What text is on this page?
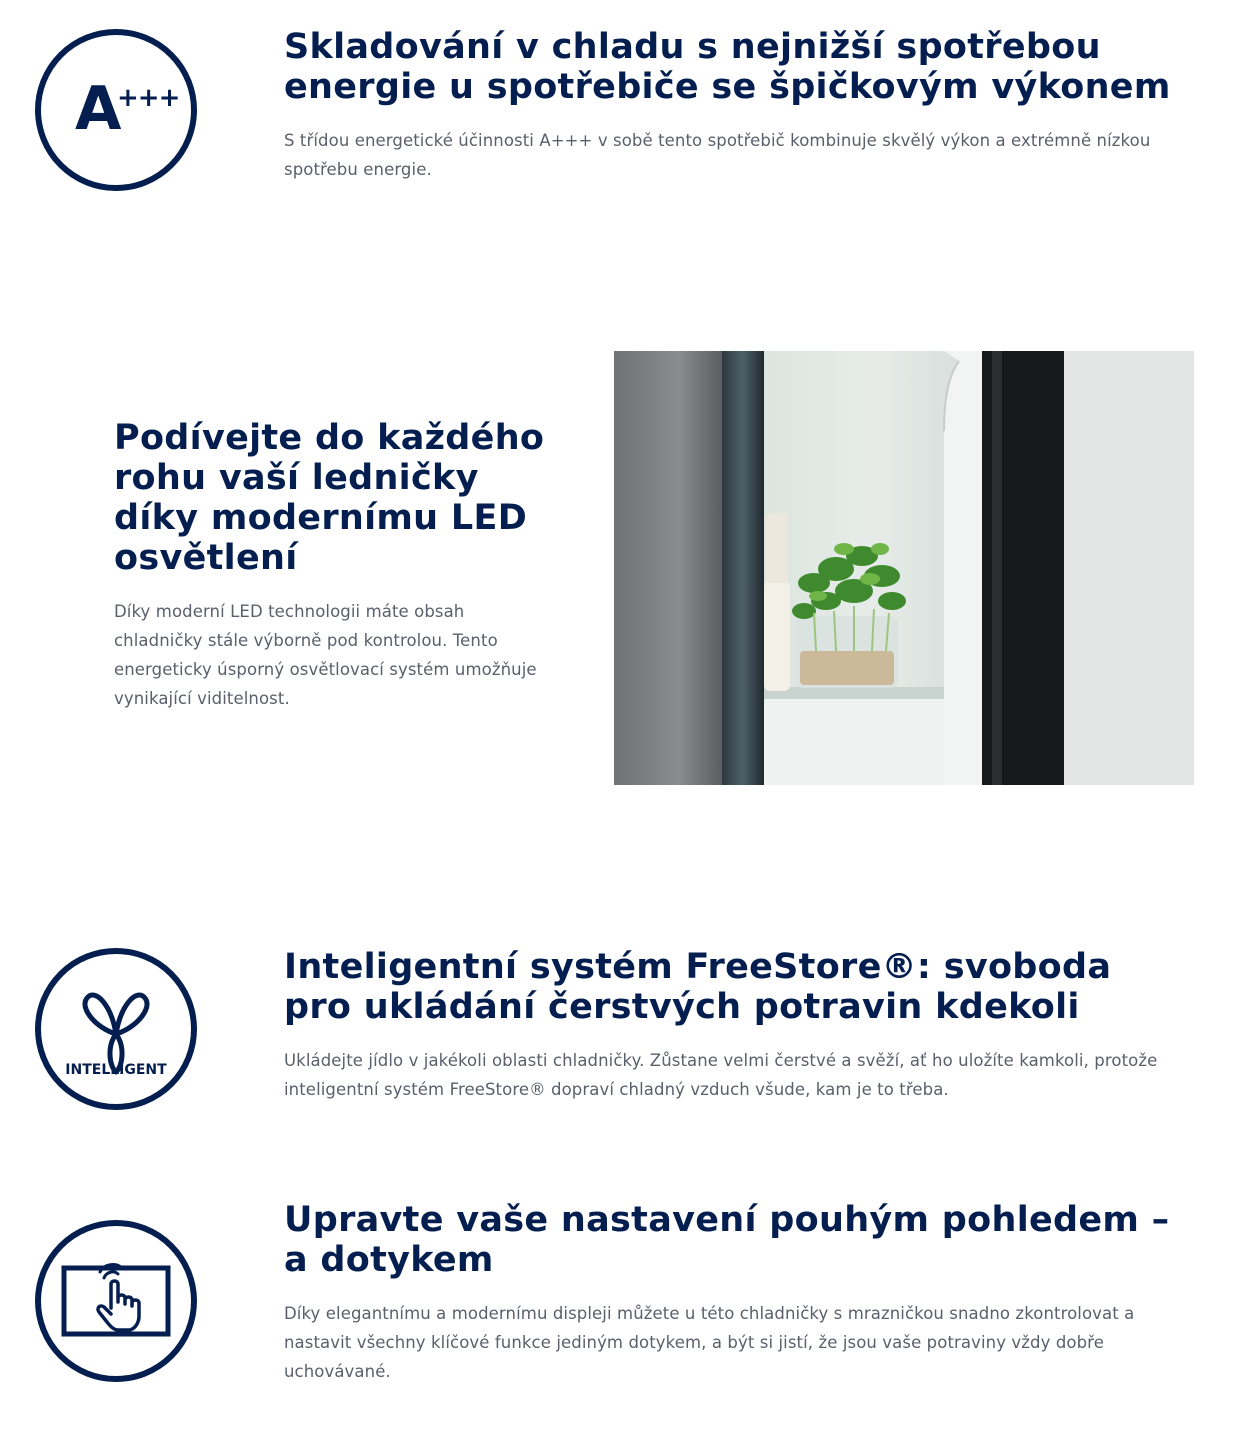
A
+++
Skladování v chladu s nejnižší spotřebou energie u spotřebiče se špičkovým výkonem

S třídou energetické účinnosti A+++ v sobě tento spotřebič kombinuje skvělý výkon a extrémně nízkou spotřebu energie.

Podívejte do každého rohu vaší ledničky díky modernímu LED osvětlení

Díky moderní LED technologii máte obsah chladničky stále výborně pod kontrolou. Tento energeticky úsporný osvětlovací systém umožňuje vynikající viditelnost.

INTELLIGENT
Inteligentní systém FreeStore®: svoboda pro ukládání čerstvých potravin kdekoli

Ukládejte jídlo v jakékoli oblasti chladničky. Zůstane velmi čerstvé a svěží, ať ho uložíte kamkoli, protože inteligentní systém FreeStore® dopraví chladný vzduch všude, kam je to třeba.

Upravte vaše nastavení pouhým pohledem – a dotykem

Díky elegantnímu a modernímu displeji můžete u této chladničky s mrazničkou snadno zkontrolovat a nastavit všechny klíčové funkce jediným dotykem, a být si jistí, že jsou vaše potraviny vždy dobře uchovávané.
